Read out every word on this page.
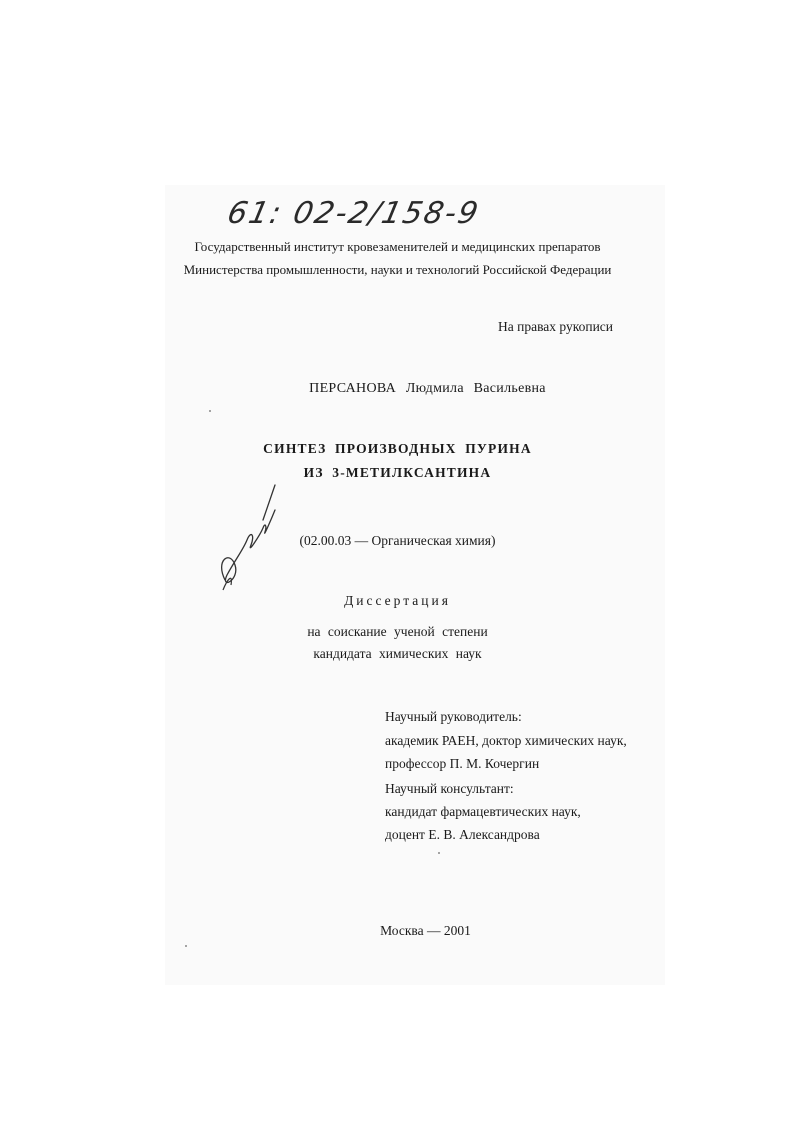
61: 02-2/158-9
Государственный институт кровезаменителей и медицинских препаратов
Министерства промышленности, науки и технологий Российской Федерации
На правах рукописи
ПЕРСАНОВА Людмила Васильевна
СИНТЕЗ ПРОИЗВОДНЫХ ПУРИНА
ИЗ 3-МЕТИЛКСАНТИНА
(02.00.03 — Органическая химия)
Диссертация
на соискание ученой степени
кандидата химических наук
Научный руководитель:
академик РАЕН, доктор химических наук,
профессор П. М. Кочергин
Научный консультант:
кандидат фармацевтических наук,
доцент Е. В. Александрова
Москва — 2001
